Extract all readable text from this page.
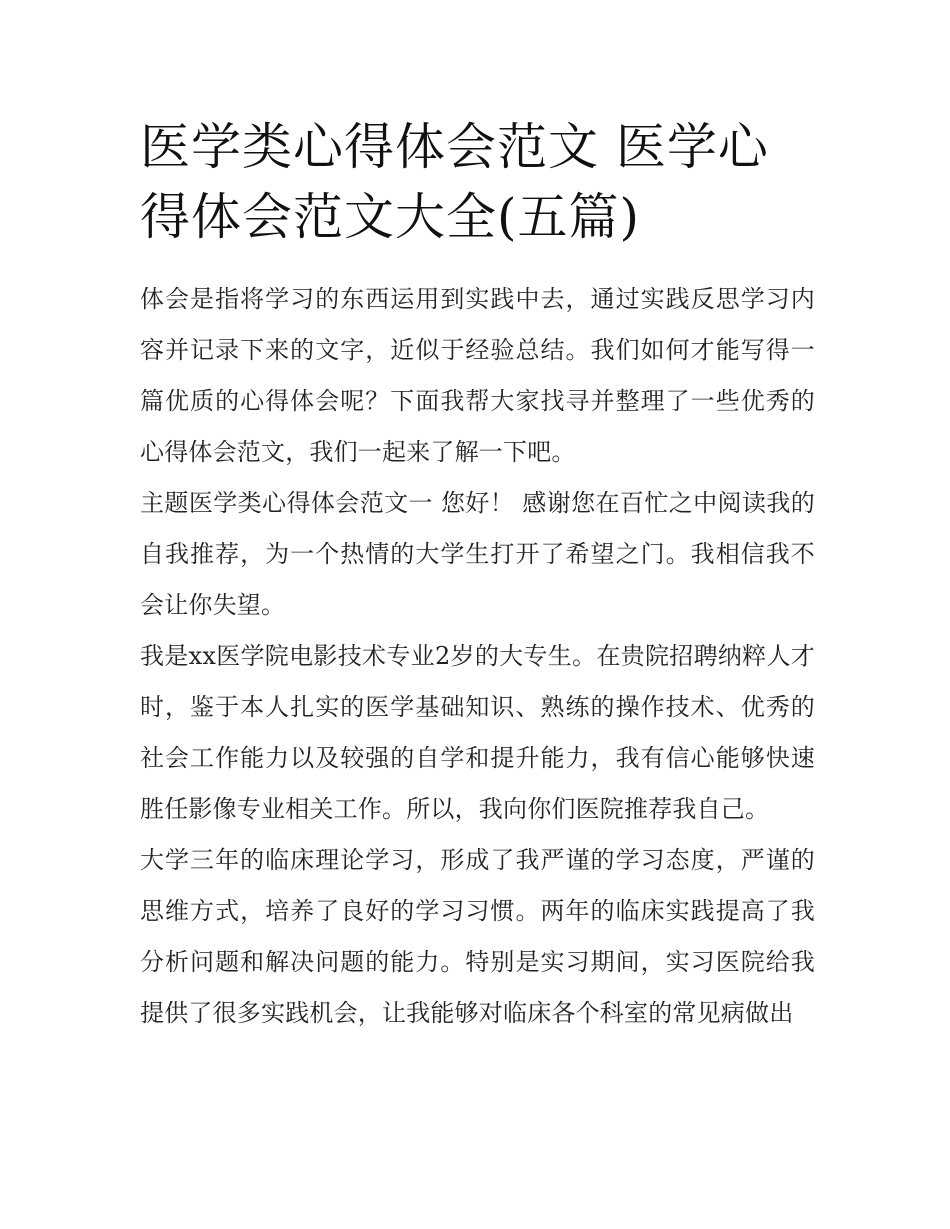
医学类心得体会范文 医学心得体会范文大全(五篇)

体会是指将学习的东西运用到实践中去，通过实践反思学习内容并记录下来的文字，近似于经验总结。我们如何才能写得一篇优质的心得体会呢？下面我帮大家找寻并整理了一些优秀的心得体会范文，我们一起来了解一下吧。

主题医学类心得体会范文一 您好！ 感谢您在百忙之中阅读我的自我推荐，为一个热情的大学生打开了希望之门。我相信我不会让你失望。

我是xx医学院电影技术专业2岁的大专生。在贵院招聘纳粹人才时，鉴于本人扎实的医学基础知识、熟练的操作技术、优秀的社会工作能力以及较强的自学和提升能力，我有信心能够快速胜任影像专业相关工作。所以，我向你们医院推荐我自己。

大学三年的临床理论学习，形成了我严谨的学习态度，严谨的思维方式，培养了良好的学习习惯。两年的临床实践提高了我分析问题和解决问题的能力。特别是实习期间，实习医院给我提供了很多实践机会，让我能够对临床各个科室的常见病做出
